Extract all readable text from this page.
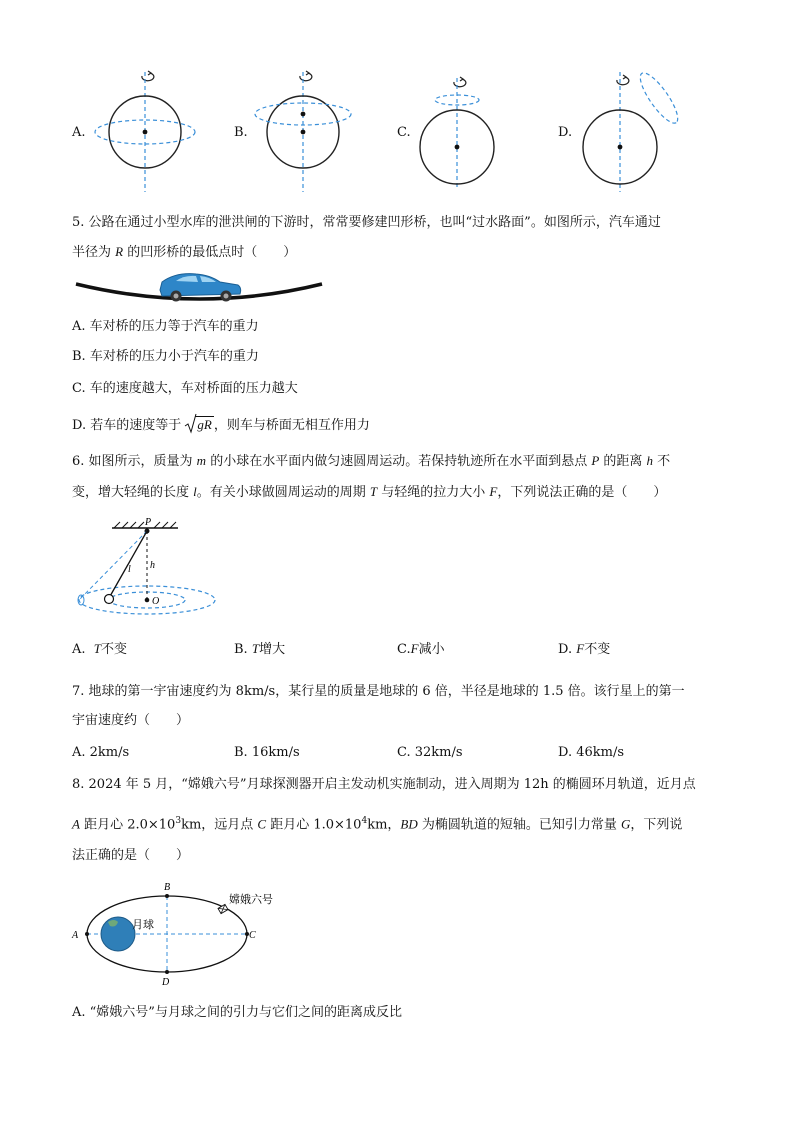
A.	B.	C.	D.
5. 公路在通过小型水库的泄洪闸的下游时，常常要修建凹形桥，也叫“过水路面”。如图所示，汽车通过
半径为 R 的凹形桥的最低点时（　　）
A. 车对桥的压力等于汽车的重力
B. 车对桥的压力小于汽车的重力
C. 车的速度越大，车对桥面的压力越大
D. 若车的速度等于
gR ，则车与桥面无相互作用力
6. 如图所示，质量为 m 的小球在水平面内做匀速圆周运动。若保持轨迹所在水平面到悬点 P 的距离 h 不
变，增大轻绳的长度 l。有关小球做圆周运动的周期 T 与轻绳的拉力大小 F，下列说法正确的是（　　）
P
l h
O
A. T不变	B. T增大	C.F减小	D. F不变
7. 地球的第一宇宙速度约为 8km/s，某行星的质量是地球的 6 倍，半径是地球的 1.5 倍。该行星上的第一
宇宙速度约（　　）
A. 2km/s	B. 16km/s	C. 32km/s	D. 46km/s
8. 2024 年 5 月，“嫦娥六号”月球探测器开启主发动机实施制动，进入周期为 12h 的椭圆环月轨道，近月点
A 距月心 $2.0\times 10^3km$，远月点 C 距月心 $1.0\times 10^4km$，BD 为椭圆轨道的短轴。已知引力常量 G，下列说
法正确的是（　　）
A
B
C
D
月球
嫦娥六号
A. “嫦娥六号”与月球之间的引力与它们之间的距离成反比
